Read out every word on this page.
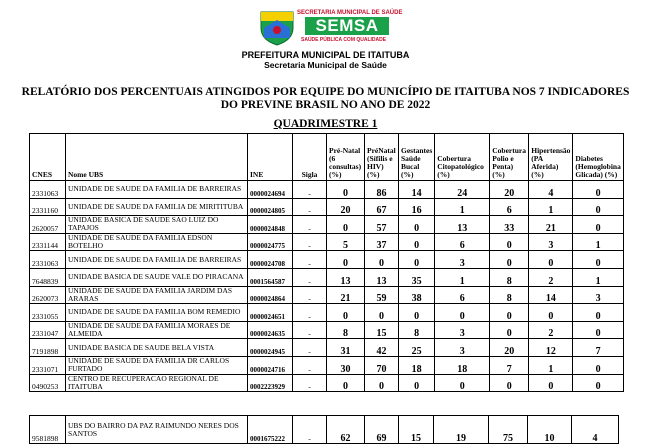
SECRETARIA MUNICIPAL DE SAÚDE
SEMSA
SAÚDE PÚBLICA COM QUALIDADE
PREFEITURA MUNICIPAL DE ITAITUBA
Secretaria Municipal de Saúde
RELATÓRIO DOS PERCENTUAIS ATINGIDOS POR EQUIPE DO MUNICÍPIO DE ITAITUBA NOS 7 INDICADORES DO PREVINE BRASIL NO ANO DE 2022
QUADRIMESTRE 1
CNES	Nome UBS	INE	Sigla	Pré-Natal (6 consultas) (%)	PréNatal (Sífilis e HIV) (%)	Gestantes Saúde Bucal (%)	Cobertura Citopatológico (%)	Cobertura Polio e Penta) (%)	Hipertensão (PA Aferida) (%)	Diabetes (Hemoglobina Glicada) (%)
2331063	UNIDADE DE SAUDE DA FAMILIA DE BARREIRAS	0000024694	-	0	86	14	24	20	4	0
2331160	UNIDADE DE SAUDE DA FAMILIA DE MIRITITUBA	0000024805	-	20	67	16	1	6	1	0
2620057	UNIDADE BASICA DE SAUDE SAO LUIZ DO TAPAJOS	0000024848	-	0	57	0	13	33	21	0
2331144	UNIDADE DE SAUDE DA FAMILIA EDSON BOTELHO	0000024775	-	5	37	0	6	0	3	1
2331063	UNIDADE DE SAUDE DA FAMILIA DE BARREIRAS	0000024708	-	0	0	0	3	0	0	0
7648839	UNIDADE BASICA DE SAUDE VALE DO PIRACANA	0001564587	-	13	13	35	1	8	2	1
2620073	UNIDADE DE SAUDE DA FAMILIA JARDIM DAS ARARAS	0000024864	-	21	59	38	6	8	14	3
2331055	UNIDADE DE SAUDE DA FAMILIA BOM REMEDIO	0000024651	-	0	0	0	0	0	0	0
2331047	UNIDADE DE SAUDE DA FAMILIA MORAES DE ALMEIDA	0000024635	-	8	15	8	3	0	2	0
7191898	UNIDADE BASICA DE SAUDE BELA VISTA	0000024945	-	31	42	25	3	20	12	7
2331071	UNIDADE DE SAUDE DA FAMILIA DR CARLOS FURTADO	0000024716	-	30	70	18	18	7	1	0
0490253	CENTRO DE RECUPERACAO REGIONAL DE ITAITUBA	0002223929	-	0	0	0	0	0	0	0
9581898	UBS DO BAIRRO DA PAZ RAIMUNDO NERES DOS SANTOS	0001675222	-	62	69	15	19	75	10	4
